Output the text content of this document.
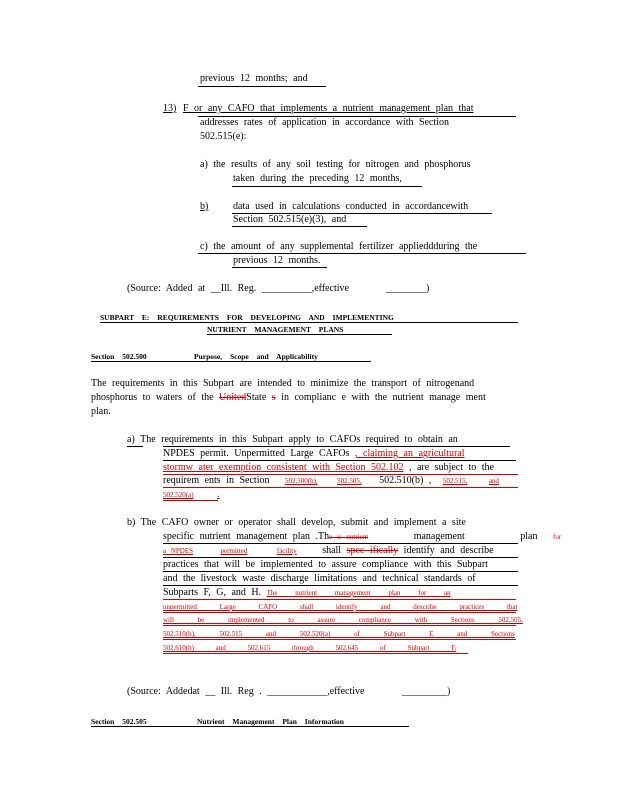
previous 12 months; and
13) F or any CAFO that implements a nutrient management plan that
addresses rates of application in accordance with Section
502.515(e):
a) the results of any soil testing for nitrogen and phosphorus
taken during the preceding 12 months,
b) data used in calculations conducted in accordancewith
Section 502.515(e)(3), and
c) the amount of any supplemental fertilizer applieddduring the
previous 12 months.
(Source: Added at __Ill. Reg. __________,effective	________)
SUBPART E: REQUIREMENTS FOR DEVELOPING AND IMPLEMENTING
NUTRIENT MANAGEMENT PLANS
Section 502.500	Purpose, Scope and Applicability
The requirements in this Subpart are intended to minimize the transport of nitrogenand
phosphorus to waters of the UnitedState s in complianc e with the nutrient manage ment
plan.
a) The requirements in this Subpart apply to CAFOs required to obtain an
NPDES permit. Unpermitted Large CAFOs , claiming an agricultural
stormw ater exemption consistent with Section 502.102 , are subject to the
requirem ents in Section 502.500(b),	502.505, 502.510(b) , 502.515,	and
502.520(a) .
b) The CAFO owner or operator shall develop, submit and implement a site
specific nutrient management plan .The is nutrient	management	plan for
a NPDES	permitted	facility	shall spec ifically identify and describe
practices that will be implemented to assure compliance with this Subpart
and the livestock waste discharge limitations and technical standards of
Subparts F, G, and H. The nutrient management plan for an
unpermitted Large CAFO shall identify and describe practices that
will be implemented to assure compliance with Sections 502.505,
502.510(b), 502.515 and 502.520(a) of Subpart E and Sections
502.610(b) and 502.615 through 502.645 of Subpart F.
(Source: Addedat __ Ill. Reg . ____________,effective	_________)
Section 502.505	Nutrient Management Plan Information
